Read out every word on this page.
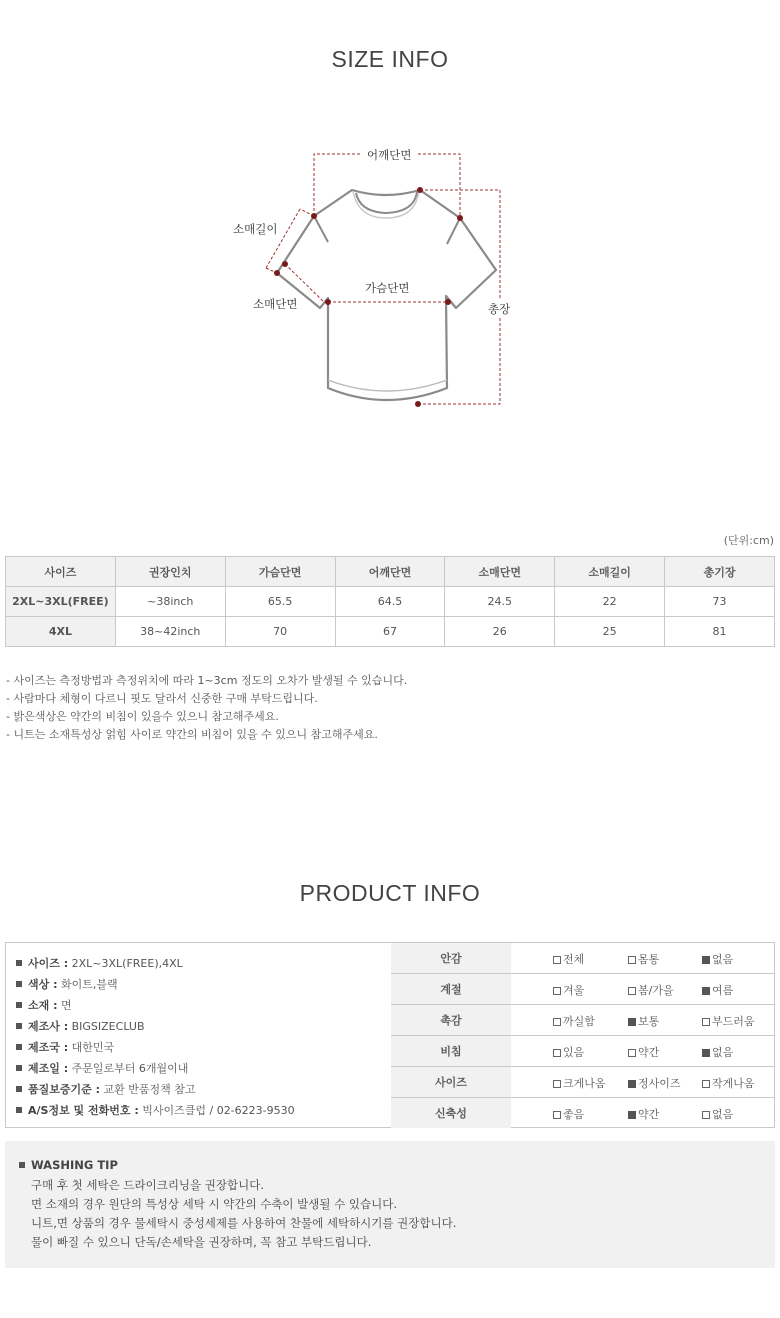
SIZE INFO
어깨단면
소매길이
소매단면
가슴단면
총장
(단위:cm)
사이즈	권장인치	가슴단면	어깨단면	소매단면	소매길이	총기장
2XL~3XL(FREE)	~38inch	65.5	64.5	24.5	22	73
4XL	38~42inch	70	67	26	25	81
- 사이즈는 측정방법과 측정위치에 따라 1~3cm 정도의 오차가 발생될 수 있습니다.
- 사람마다 체형이 다르니 핏도 달라서 신중한 구매 부탁드립니다.
- 밝은색상은 약간의 비침이 있을수 있으니 참고해주세요.
- 니트는 소재특성상 얽힘 사이로 약간의 비침이 있을 수 있으니 참고해주세요.
PRODUCT INFO
사이즈 : 2XL~3XL(FREE),4XL
색상 : 화이트,블랙
소재 : 면
제조사 : BIGSIZECLUB
제조국 : 대한민국
제조일 : 주문일로부터 6개월이내
품질보증기준 : 교환 반품정책 참고
A/S정보 및 전화번호 : 빅사이즈클럽 / 02-6223-9530
안감	전체 몸통 없음

계절	겨울 봄/가을 여름

촉감	까실함 보통 부드러움

비침	있음 약간 없음

사이즈	크게나옴 정사이즈 작게나옴

신축성	좋음 약간 없음
WASHING TIP
구매 후 첫 세탁은 드라이크리닝을 권장합니다.
면 소재의 경우 원단의 특성상 세탁 시 약간의 수축이 발생될 수 있습니다.
니트,면 상품의 경우 물세탁시 중성세제를 사용하여 찬물에 세탁하시기를 권장합니다.
물이 빠질 수 있으니 단독/손세탁을 권장하며, 꼭 참고 부탁드립니다.
